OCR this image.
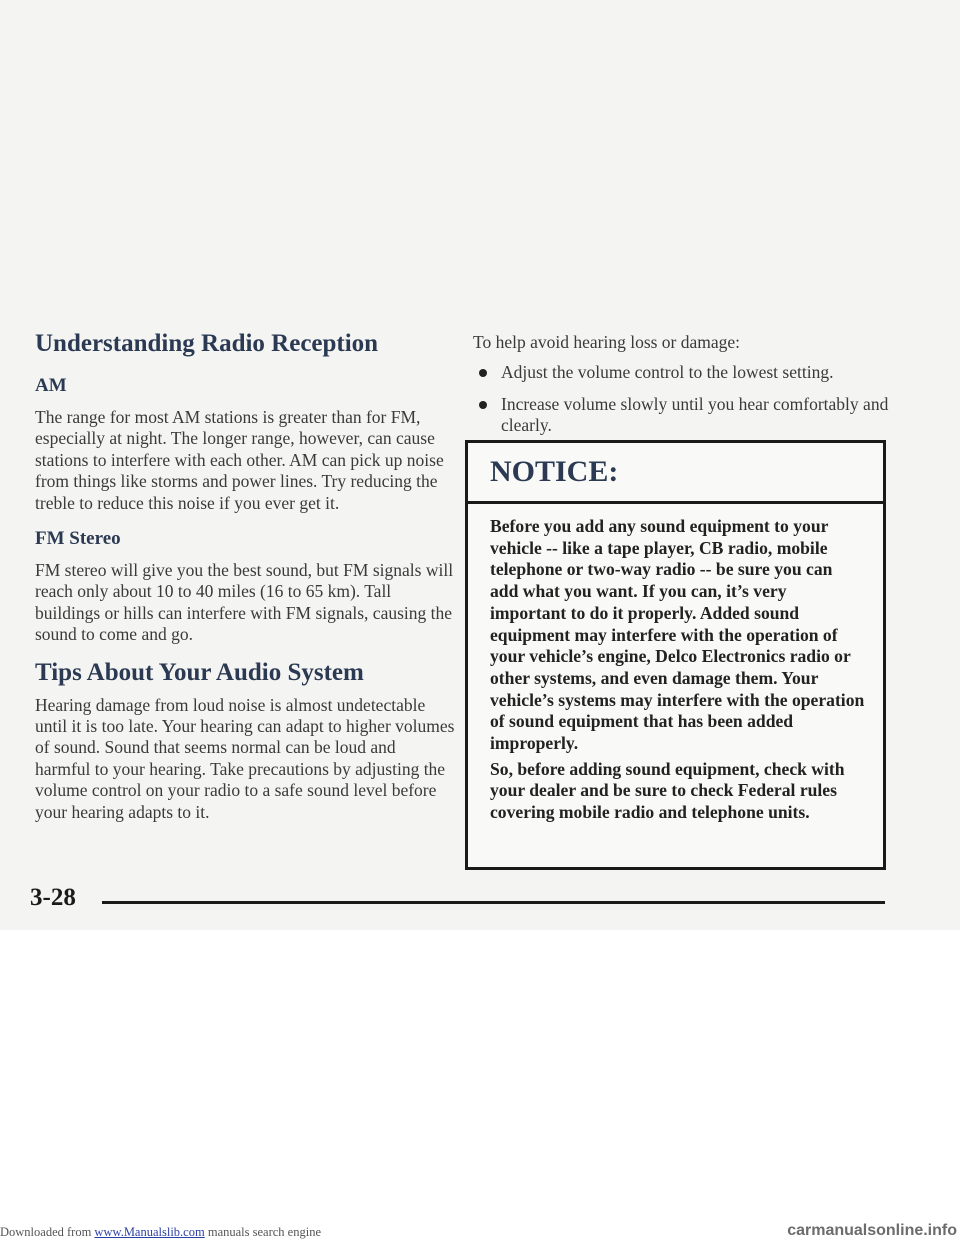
Understanding Radio Reception
AM

The range for most AM stations is greater than for FM, especially at night. The longer range, however, can cause stations to interfere with each other. AM can pick up noise from things like storms and power lines. Try reducing the treble to reduce this noise if you ever get it.

FM Stereo

FM stereo will give you the best sound, but FM signals will reach only about 10 to 40 miles (16 to 65 km). Tall buildings or hills can interfere with FM signals, causing the sound to come and go.

Tips About Your Audio System

Hearing damage from loud noise is almost undetectable until it is too late. Your hearing can adapt to higher volumes of sound. Sound that seems normal can be loud and harmful to your hearing. Take precautions by adjusting the volume control on your radio to a safe sound level before your hearing adapts to it.

To help avoid hearing loss or damage:

Adjust the volume control to the lowest setting.
Increase volume slowly until you hear comfortably and clearly.
NOTICE:

Before you add any sound equipment to your vehicle -- like a tape player, CB radio, mobile telephone or two-way radio -- be sure you can add what you want. If you can, it’s very important to do it properly. Added sound equipment may interfere with the operation of your vehicle’s engine, Delco Electronics radio or other systems, and even damage them. Your vehicle’s systems may interfere with the operation of sound equipment that has been added improperly.

So, before adding sound equipment, check with your dealer and be sure to check Federal rules covering mobile radio and telephone units.

3-28
Downloaded from www.Manualslib.com manuals search engine	carmanualsonline.info
